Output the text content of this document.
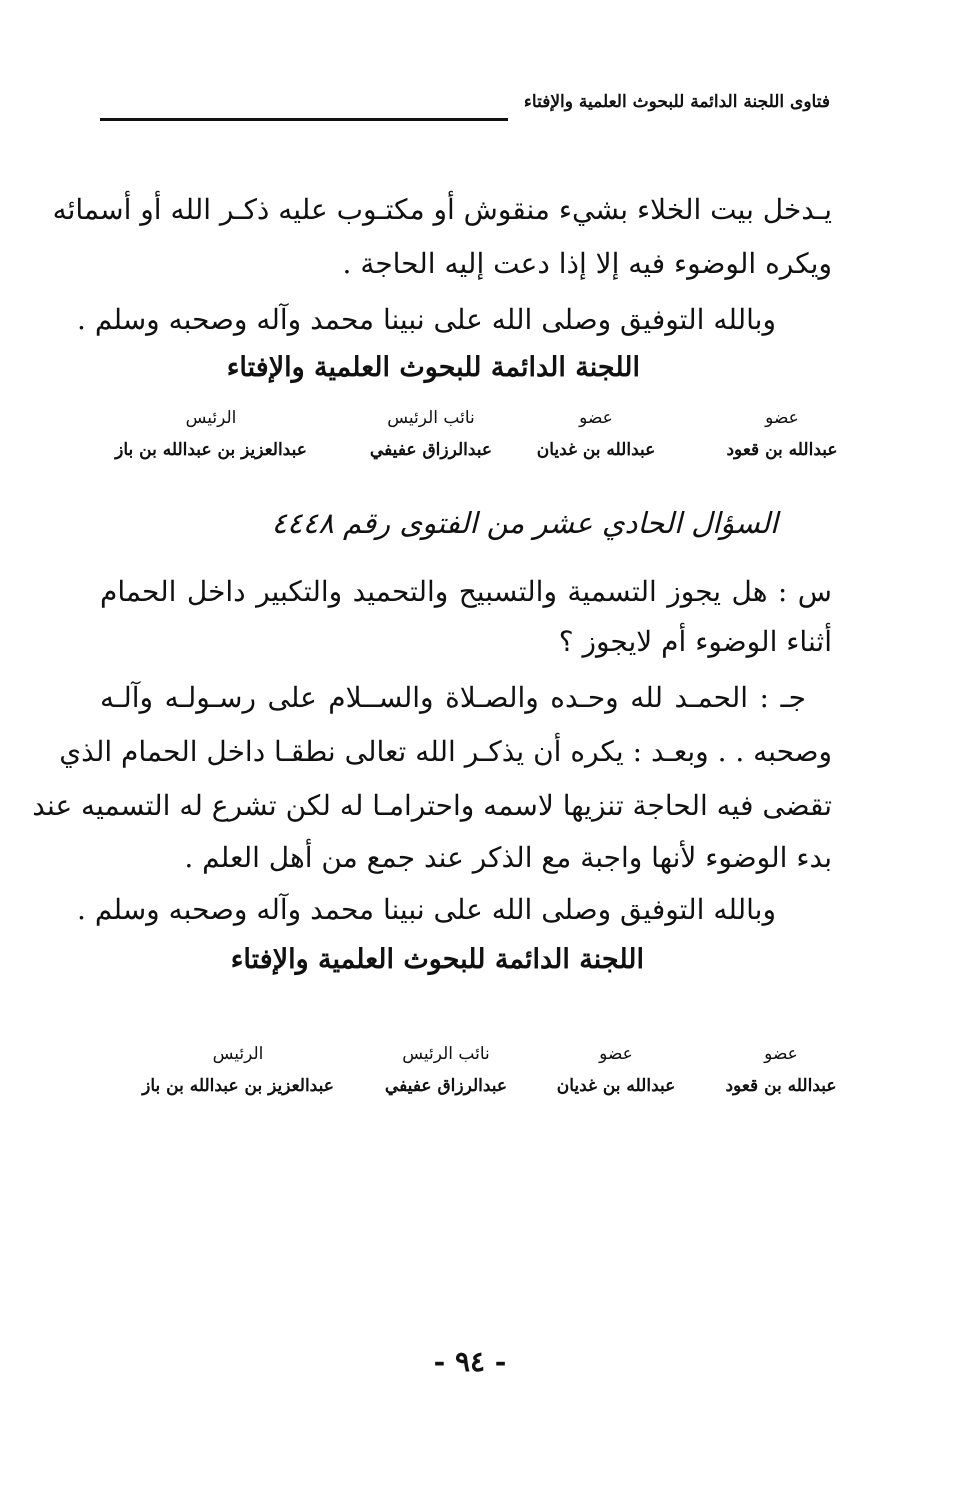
فتاوى اللجنة الدائمة للبحوث العلمية والإفتاء
يـدخل بيت الخلاء بشيء منقوش أو مكتـوب عليه ذكـر الله أو أسمائه
ويكره الوضوء فيه إلا إذا دعت إليه الحاجة .
وبالله التوفيق وصلى الله على نبينا محمد وآله وصحبه وسلم .
اللجنة الدائمة للبحوث العلمية والإفتاء
عضو
عبدالله بن قعود
عضو
عبدالله بن غديان
نائب الرئيس
عبدالرزاق عفيفي
الرئيس
عبدالعزيز بن عبدالله بن باز
السؤال الحادي عشر من الفتوى رقم ٤٤٤٨
س : هل يجوز التسمية والتسبيح والتحميد والتكبير داخل الحمام
أثناء الوضوء أم لايجوز ؟
جـ : الحمـد لله وحـده والصـلاة والســلام على رسـولـه وآلـه
وصحبه . . وبعـد : يكره أن يذكـر الله تعالى نطقـا داخل الحمام الذي
تقضى فيه الحاجة تنزيها لاسمه واحترامـا له لكن تشرع له التسميه عند
بدء الوضوء لأنها واجبة مع الذكر عند جمع من أهل العلم .
وبالله التوفيق وصلى الله على نبينا محمد وآله وصحبه وسلم .
اللجنة الدائمة للبحوث العلمية والإفتاء
عضو
عبدالله بن قعود
عضو
عبدالله بن غديان
نائب الرئيس
عبدالرزاق عفيفي
الرئيس
عبدالعزيز بن عبدالله بن باز
- ٩٤ -
